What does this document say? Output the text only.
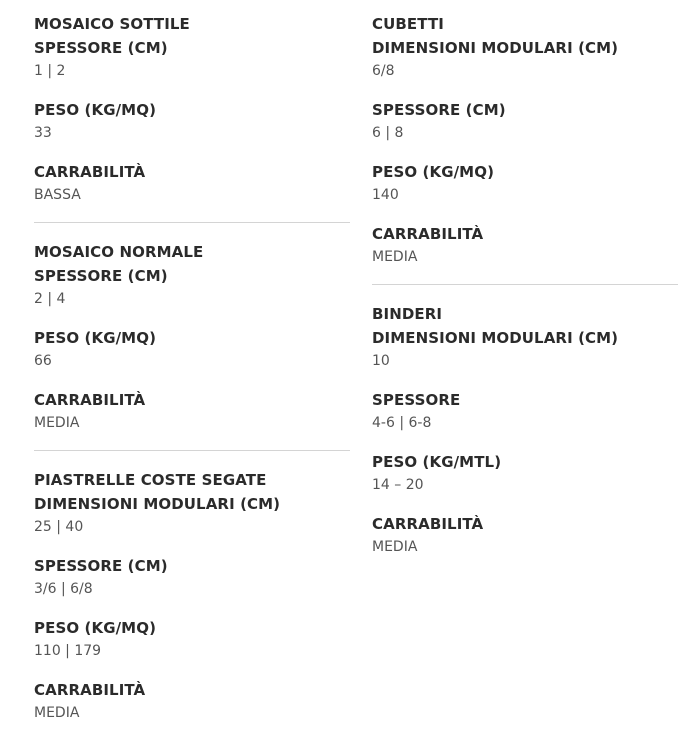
MOSAICO SOTTILE
SPESSORE (CM)
1 | 2
PESO (KG/MQ)
33
CARRABILITÀ
BASSA
MOSAICO NORMALE
SPESSORE (CM)
2 | 4
PESO (KG/MQ)
66
CARRABILITÀ
MEDIA
PIASTRELLE COSTE SEGATE
DIMENSIONI MODULARI (CM)
25 | 40
SPESSORE (CM)
3/6 | 6/8
PESO (KG/MQ)
110 | 179
CARRABILITÀ
MEDIA
CUBETTI
DIMENSIONI MODULARI (CM)
6/8
SPESSORE (CM)
6 | 8
PESO (KG/MQ)
140
CARRABILITÀ
MEDIA
BINDERI
DIMENSIONI MODULARI (CM)
10
SPESSORE
4-6 | 6-8
PESO (KG/MTL)
14 – 20
CARRABILITÀ
MEDIA
